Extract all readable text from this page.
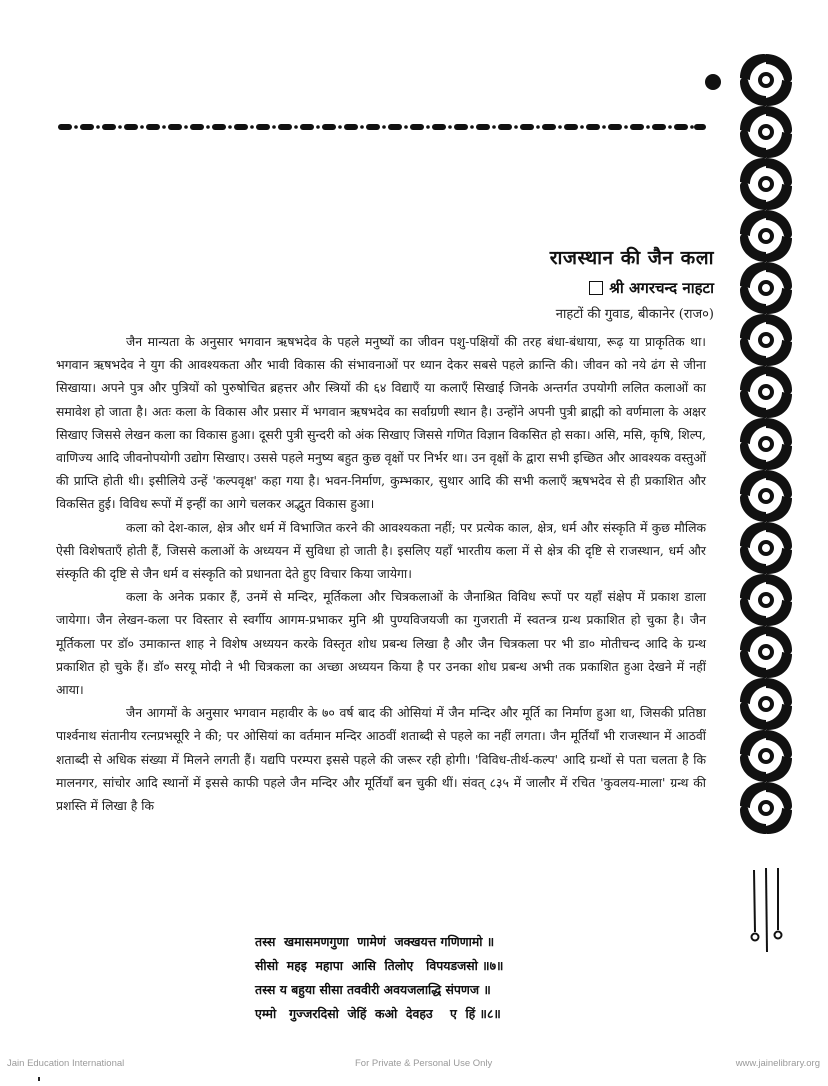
राजस्थान की जैन कला
श्री अगरचन्द नाहटा

नाहटों की गुवाड, बीकानेर (राज०)

जैन मान्यता के अनुसार भगवान ऋषभदेव के पहले मनुष्यों का जीवन पशु-पक्षियों की तरह बंधा-बंधाया, रूढ़ या प्राकृतिक था। भगवान ऋषभदेव ने युग की आवश्यकता और भावी विकास की संभावनाओं पर ध्यान देकर सबसे पहले क्रान्ति की। जीवन को नये ढंग से जीना सिखाया। अपने पुत्र और पुत्रियों को पुरुषोचित ब्रहत्तर और स्त्रियों की ६४ विद्याएँ या कलाएँ सिखाई जिनके अन्तर्गत उपयोगी ललित कलाओं का समावेश हो जाता है। अतः कला के विकास और प्रसार में भगवान ऋषभदेव का सर्वाग्रणी स्थान है। उन्होंने अपनी पुत्री ब्राह्मी को वर्णमाला के अक्षर सिखाए जिससे लेखन कला का विकास हुआ। दूसरी पुत्री सुन्दरी को अंक सिखाए जिससे गणित विज्ञान विकसित हो सका। असि, मसि, कृषि, शिल्प, वाणिज्य आदि जीवनोपयोगी उद्योग सिखाए। उससे पहले मनुष्य बहुत कुछ वृक्षों पर निर्भर था। उन वृक्षों के द्वारा सभी इच्छित और आवश्यक वस्तुओं की प्राप्ति होती थी। इसीलिये उन्हें 'कल्पवृक्ष' कहा गया है। भवन-निर्माण, कुम्भकार, सुथार आदि की सभी कलाएँ ऋषभदेव से ही प्रकाशित और विकसित हुई। विविध रूपों में इन्हीं का आगे चलकर अद्भुत विकास हुआ।

कला को देश-काल, क्षेत्र और धर्म में विभाजित करने की आवश्यकता नहीं; पर प्रत्येक काल, क्षेत्र, धर्म और संस्कृति में कुछ मौलिक ऐसी विशेषताएँ होती हैं, जिससे कलाओं के अध्ययन में सुविधा हो जाती है। इसलिए यहाँ भारतीय कला में से क्षेत्र की दृष्टि से राजस्थान, धर्म और संस्कृति की दृष्टि से जैन धर्म व संस्कृति को प्रधानता देते हुए विचार किया जायेगा।

कला के अनेक प्रकार हैं, उनमें से मन्दिर, मूर्तिकला और चित्रकलाओं के जैनाश्रित विविध रूपों पर यहाँ संक्षेप में प्रकाश डाला जायेगा। जैन लेखन-कला पर विस्तार से स्वर्गीय आगम-प्रभाकर मुनि श्री पुण्यविजयजी का गुजराती में स्वतन्त्र ग्रन्थ प्रकाशित हो चुका है। जैन मूर्तिकला पर डॉ० उमाकान्त शाह ने विशेष अध्ययन करके विस्तृत शोध प्रबन्ध लिखा है और जैन चित्रकला पर भी डा० मोतीचन्द आदि के ग्रन्थ प्रकाशित हो चुके हैं। डॉ० सरयू मोदी ने भी चित्रकला का अच्छा अध्ययन किया है पर उनका शोध प्रबन्ध अभी तक प्रकाशित हुआ देखने में नहीं आया।

जैन आगमों के अनुसार भगवान महावीर के ७० वर्ष बाद की ओसियां में जैन मन्दिर और मूर्ति का निर्माण हुआ था, जिसकी प्रतिष्ठा पार्श्वनाथ संतानीय रत्नप्रभसूरि ने की; पर ओसियां का वर्तमान मन्दिर आठवीं शताब्दी से पहले का नहीं लगता। जैन मूर्तियाँ भी राजस्थान में आठवीं शताब्दी से अधिक संख्या में मिलने लगती हैं। यद्यपि परम्परा इससे पहले की जरूर रही होगी। 'विविध-तीर्थ-कल्प' आदि ग्रन्थों से पता चलता है कि मालनगर, सांचोर आदि स्थानों में इससे काफी पहले जैन मन्दिर और मूर्तियाँ बन चुकी थीं। संवत् ८३५ में जालौर में रचित 'कुवलय-माला' ग्रन्थ की प्रशस्ति में लिखा है कि

तस्स  खमासमणगुणा  णामेणं  जक्खयत्त गणिणामो ॥
सीसो  महइ  महापा  आसि  तिलोए   विपयडजसो ॥७॥
तस्स य बहुया सीसा तववीरी अवयजलाद्धि संपणज ॥
एम्मो   गुज्जरदिसो  जेहिं  कओ  देवहउ    ए  हिं ॥८॥
Jain Education International	For Private & Personal Use Only	www.jainelibrary.org
